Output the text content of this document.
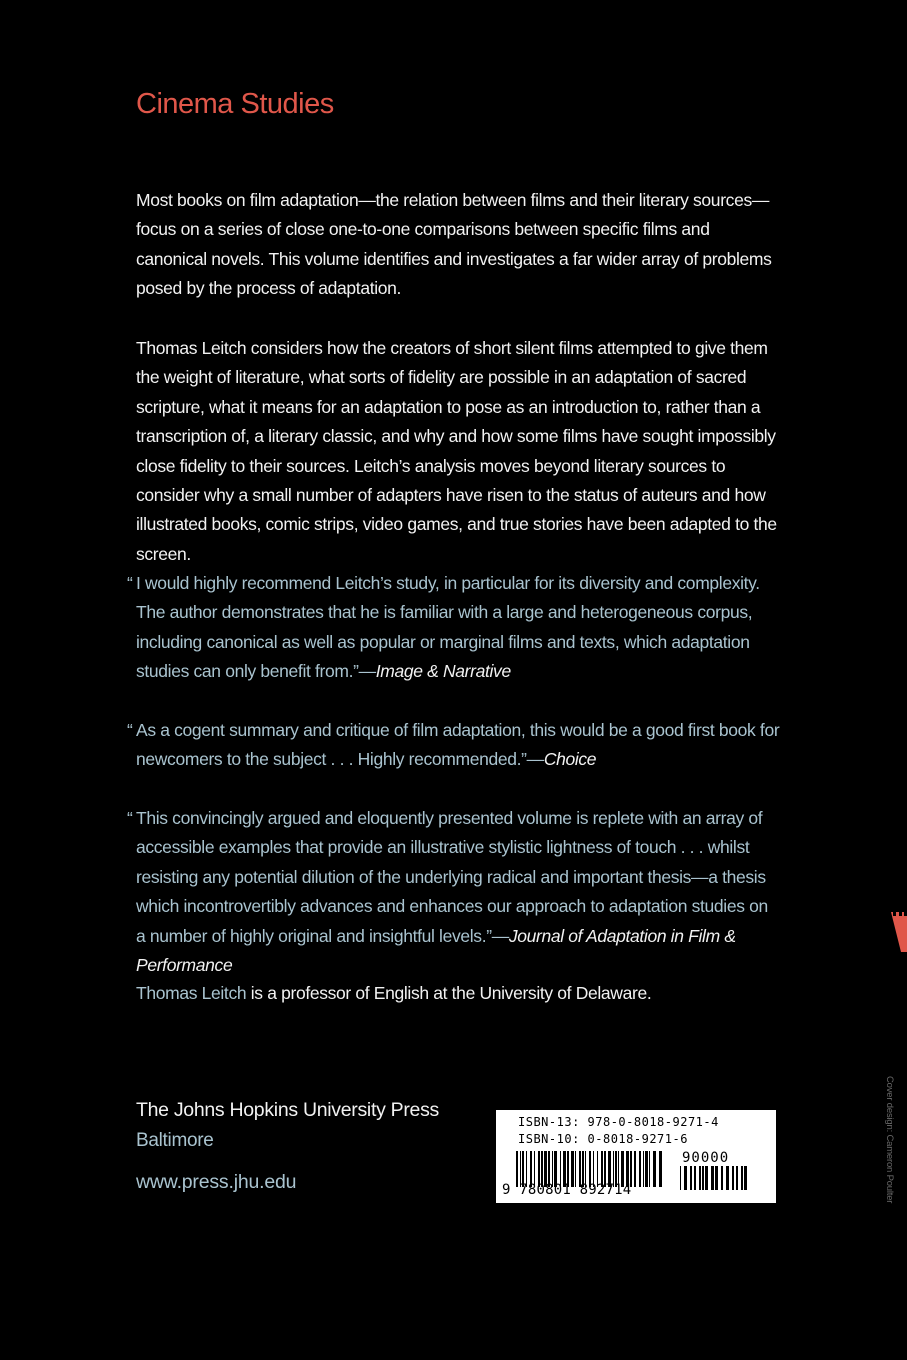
Cinema Studies

Most books on film adaptation—the relation between films and their literary sources—focus on a series of close one-to-one comparisons between specific films and canonical novels. This volume identifies and investigates a far wider array of problems posed by the process of adaptation.

Thomas Leitch considers how the creators of short silent films attempted to give them the weight of literature, what sorts of fidelity are possible in an adaptation of sacred scripture, what it means for an adaptation to pose as an introduction to, rather than a transcription of, a literary classic, and why and how some films have sought impossibly close fidelity to their sources. Leitch’s analysis moves beyond literary sources to consider why a small number of adapters have risen to the status of auteurs and how illustrated books, comic strips, video games, and true stories have been adapted to the screen.

“ I would highly recommend Leitch’s study, in particular for its diversity and complexity. The author demonstrates that he is familiar with a large and heterogeneous corpus, including canonical as well as popular or marginal films and texts, which adaptation studies can only benefit from.”—Image & Narrative

“ As a cogent summary and critique of film adaptation, this would be a good first book for newcomers to the subject . . . Highly recommended.”—Choice

“ This convincingly argued and eloquently presented volume is replete with an array of accessible examples that provide an illustrative stylistic lightness of touch . . . whilst resisting any potential dilution of the underlying radical and important thesis—a thesis which incontrovertibly advances and enhances our approach to adaptation studies on a number of highly original and insightful levels.”—Journal of Adaptation in Film & Performance

Thomas Leitch is a professor of English at the University of Delaware.
The Johns Hopkins University Press
Baltimore
www.press.jhu.edu
ISBN-13: 978-0-8018-9271-4
ISBN-10: 0-8018-9271-6
90000
9 780801 892714	Cover design: Cameron Poulter
